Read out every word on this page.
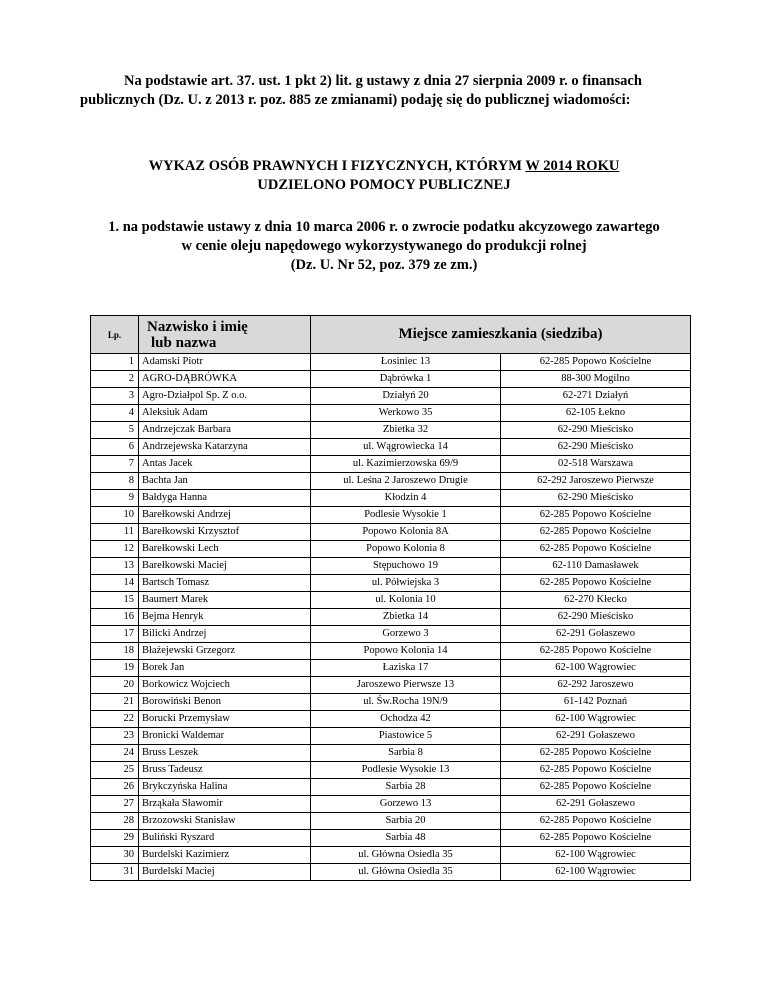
Na podstawie art. 37. ust. 1 pkt 2) lit. g ustawy z dnia 27 sierpnia 2009 r. o finansach publicznych (Dz. U. z 2013 r. poz. 885 ze zmianami) podaję się do publicznej wiadomości:
WYKAZ OSÓB PRAWNYCH I FIZYCZNYCH, KTÓRYM W 2014 ROKU
UDZIELONO POMOCY PUBLICZNEJ
1. na podstawie ustawy z dnia 10 marca 2006 r. o zwrocie podatku akcyzowego zawartego
w cenie oleju napędowego wykorzystywanego do produkcji rolnej
(Dz. U. Nr 52, poz. 379 ze zm.)
Lp.	Nazwisko i imię
lub nazwa	Miejsce zamieszkania (siedziba)	
1	Adamski Piotr	Łosiniec 13	62-285 Popowo Kościelne
2	AGRO-DĄBRÓWKA	Dąbrówka 1	88-300 Mogilno
3	Agro-Działpol Sp. Z o.o.	Działyń 20	62-271 Działyń
4	Aleksiuk Adam	Werkowo 35	62-105 Łekno
5	Andrzejczak Barbara	Zbietka 32	62-290 Mieścisko
6	Andrzejewska Katarzyna	ul. Wągrowiecka 14	62-290 Mieścisko
7	Antas Jacek	ul. Kazimierzowska 69/9	02-518 Warszawa
8	Bachta Jan	ul. Leśna 2 Jaroszewo Drugie	62-292 Jaroszewo Pierwsze
9	Bałdyga Hanna	Kłodzin 4	62-290 Mieścisko
10	Barełkowski Andrzej	Podlesie Wysokie 1	62-285 Popowo Kościelne
11	Barełkowski Krzysztof	Popowo Kolonia 8A	62-285 Popowo Kościelne
12	Barełkowski Lech	Popowo Kolonia 8	62-285 Popowo Kościelne
13	Barełkowski Maciej	Stępuchowo 19	62-110 Damasławek
14	Bartsch Tomasz	ul. Półwiejska 3	62-285 Popowo Kościelne
15	Baumert Marek	ul. Kolonia 10	62-270 Kłecko
16	Bejma Henryk	Zbietka 14	62-290 Mieścisko
17	Bilicki Andrzej	Gorzewo 3	62-291 Gołaszewo
18	Błażejewski Grzegorz	Popowo Kolonia 14	62-285 Popowo Kościelne
19	Borek Jan	Łaziska 17	62-100 Wągrowiec
20	Borkowicz Wojciech	Jaroszewo Pierwsze 13	62-292 Jaroszewo
21	Borowiński Benon	ul. Św.Rocha 19N/9	61-142 Poznań
22	Borucki Przemysław	Ochodza 42	62-100 Wągrowiec
23	Bronicki Waldemar	Piastowice 5	62-291 Gołaszewo
24	Bruss Leszek	Sarbia 8	62-285 Popowo Kościelne
25	Bruss Tadeusz	Podlesie Wysokie 13	62-285 Popowo Kościelne
26	Brykczyńska Halina	Sarbia 28	62-285 Popowo Kościelne
27	Brząkała Sławomir	Gorzewo 13	62-291 Gołaszewo
28	Brzozowski Stanisław	Sarbia 20	62-285 Popowo Kościelne
29	Buliński Ryszard	Sarbia 48	62-285 Popowo Kościelne
30	Burdelski Kazimierz	ul. Główna Osiedla 35	62-100 Wągrowiec
31	Burdelski Maciej	ul. Główna Osiedla 35	62-100 Wągrowiec
